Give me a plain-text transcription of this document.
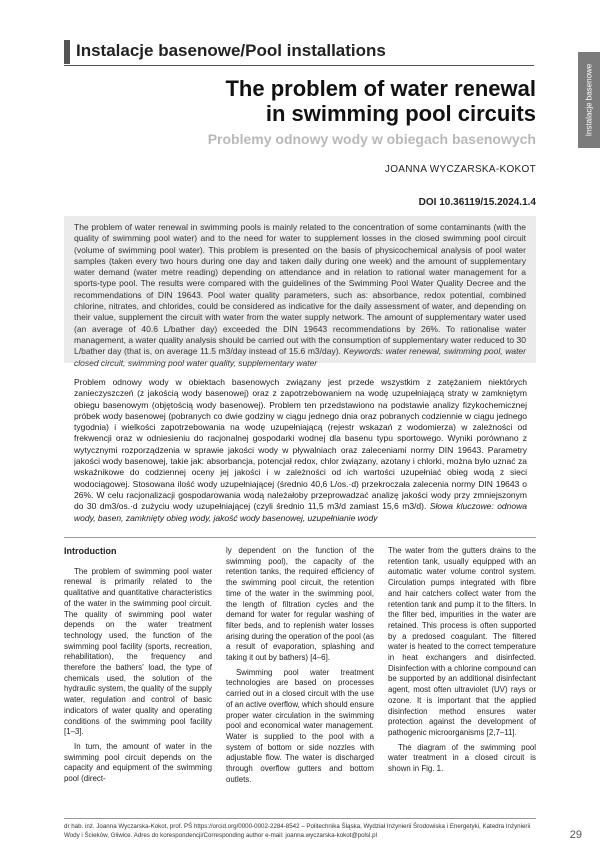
Instalacje basenowe/Pool installations
Instalacje basenowe
The problem of water renewal
in swimming pool circuits
Problemy odnowy wody w obiegach basenowych
JOANNA WYCZARSKA-KOKOT
DOI 10.36119/15.2024.1.4

The problem of water renewal in swimming pools is mainly related to the concentration of some contaminants (with the quality of swimming pool water) and to the need for water to supplement losses in the closed swimming pool circuit (volume of swimming pool water). This problem is presented on the basis of physicochemical analysis of pool water samples (taken every two hours during one day and taken daily during one week) and the amount of supplementary water demand (water metre reading) depending on attendance and in relation to rational water management for a sports-type pool. The results were compared with the guidelines of the Swimming Pool Water Quality Decree and the recommendations of DIN 19643. Pool water quality parameters, such as: absorbance, redox potential, combined chlorine, nitrates, and chlorides, could be considered as indicative for the daily assessment of water, and depending on their value, supplement the circuit with water from the water supply network. The amount of supplementary water used (an average of 40.6 L/bather day) exceeded the DIN 19643 recommendations by 26%. To rationalise water management, a water quality analysis should be carried out with the consumption of supplementary water reduced to 30 L/bather day (that is, on average 11.5 m3/day instead of 15.6 m3/day). Keywords: water renewal, swimming pool, water closed circuit, swimming pool water quality, supplementary water

Problem odnowy wody w obiektach basenowych związany jest przede wszystkim z zatężaniem niektórych zanieczyszczeń (z jakością wody basenowej) oraz z zapotrzebowaniem na wodę uzupełniającą straty w zamkniętym obiegu basenowym (objętością wody basenowej). Problem ten przedstawiono na podstawie analizy fizykochemicznej próbek wody basenowej (pobranych co dwie godziny w ciągu jednego dnia oraz pobranych codziennie w ciągu jednego tygodnia) i wielkości zapotrzebowania na wodę uzupełniającą (rejestr wskazań z wodomierza) w zależności od frekwencji oraz w odniesieniu do racjonalnej gospodarki wodnej dla basenu typu sportowego. Wyniki porównano z wytycznymi rozporządzenia w sprawie jakości wody w pływalniach oraz zaleceniami normy DIN 19643. Parametry jakości wody basenowej, takie jak: absorbancja, potencjał redox, chlor związany, azotany i chlorki, można było uznać za wskaźnikowe do codziennej oceny jej jakości i w zależności od ich wartości uzupełniać obieg wodą z sieci wodociągowej. Stosowana ilość wody uzupełniającej (średnio 40,6 L/os.·d) przekroczała zalecenia normy DIN 19643 o 26%. W celu racjonalizacji gospodarowania wodą należałoby przeprowadzać analizę jakości wody przy zmniejszonym do 30 dm3/os.·d zużyciu wody uzupełniającej (czyli średnio 11,5 m3/d zamiast 15,6 m3/d). Słowa kluczowe: odnowa wody, basen, zamknięty obieg wody, jakość wody basenowej, uzupełnianie wody

Introduction

The problem of swimming pool water renewal is primarily related to the qualitative and quantitative characteristics of the water in the swimming pool circuit. The quality of swimming pool water depends on the water treatment technology used, the function of the swimming pool facility (sports, recreation, rehabilitation), the frequency and therefore the bathers' load, the type of chemicals used, the solution of the hydraulic system, the quality of the supply water, regulation and control of basic indicators of water quality and operating conditions of the swimming pool facility [1–3].

In turn, the amount of water in the swimming pool circuit depends on the capacity and equipment of the swimming pool (direct-

ly dependent on the function of the swimming pool), the capacity of the retention tanks, the required efficiency of the swimming pool circuit, the retention time of the water in the swimming pool, the length of filtration cycles and the demand for water for regular washing of filter beds, and to replenish water losses arising during the operation of the pool (as a result of evaporation, splashing and taking it out by bathers) [4–6].

Swimming pool water treatment technologies are based on processes carried out in a closed circuit with the use of an active overflow, which should ensure proper water circulation in the swimming pool and economical water management. Water is supplied to the pool with a system of bottom or side nozzles with adjustable flow. The water is discharged through overflow gutters and bottom outlets.

The water from the gutters drains to the retention tank, usually equipped with an automatic water volume control system. Circulation pumps integrated with fibre and hair catchers collect water from the retention tank and pump it to the filters. In the filter bed, impurities in the water are retained. This process is often supported by a predosed coagulant. The filtered water is heated to the correct temperature in heat exchangers and disinfected. Disinfection with a chlorine compound can be supported by an additional disinfectant agent, most often ultraviolet (UV) rays or ozone. It is important that the applied disinfection method ensures water protection against the development of pathogenic microorganisms [2,7–11].

The diagram of the swimming pool water treatment in a closed circuit is shown in Fig. 1.

dr hab. inż. Joanna Wyczarska-Kokot, prof. PŚ https://orcid.org/0000-0002-2284-8542 – Politechnika Śląska, Wydział Inżynierii Środowiska i Energetyki, Katedra Inżynierii Wody i Ścieków, Gliwice. Adres do korespondencji/Corresponding author e-mail: joanna.wyczarska-kokot@polsl.pl	29
